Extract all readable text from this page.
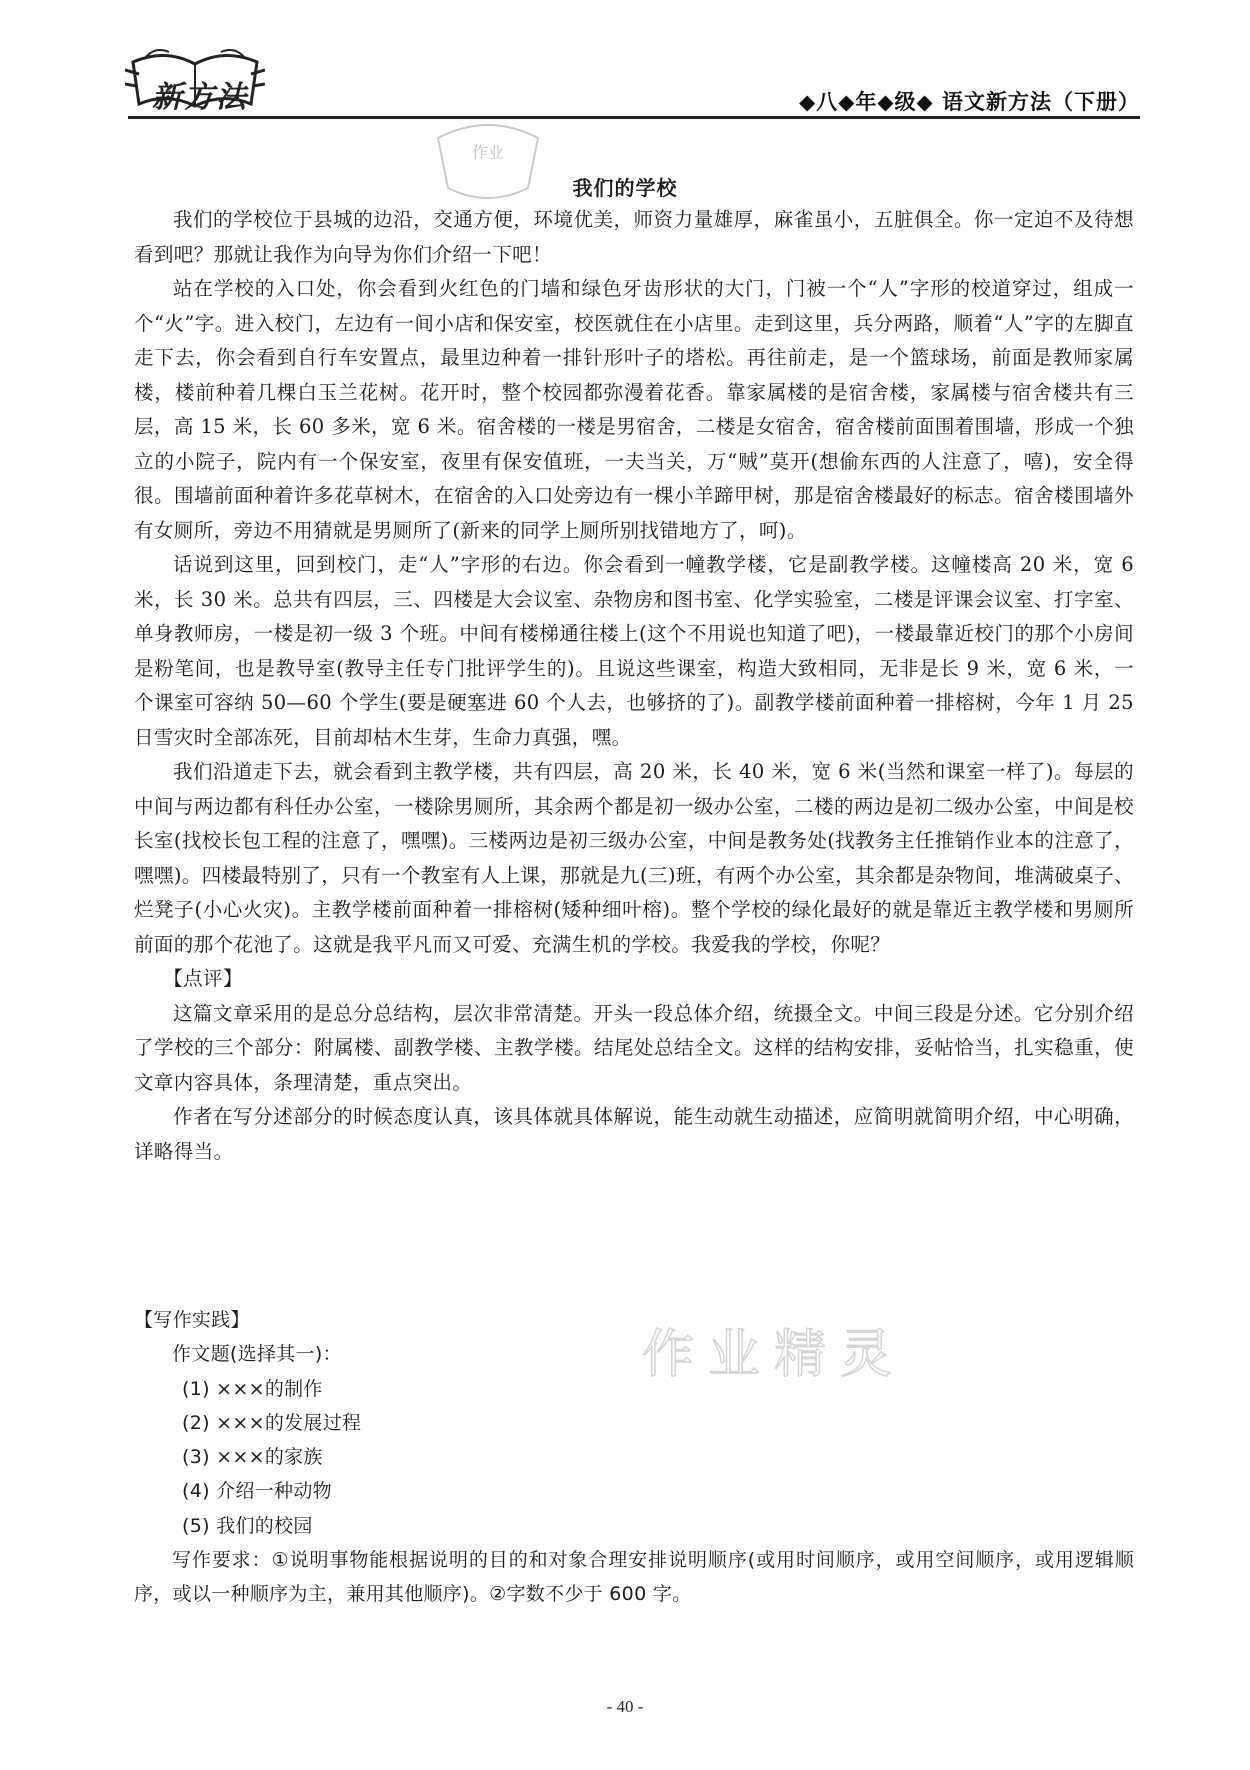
新方法	◆八◆年◆级◆ 语文新方法（下册）
作业
我们的学校

我们的学校位于县城的边沿，交通方便，环境优美，师资力量雄厚，麻雀虽小，五脏俱全。你一定迫不及待想看到吧？那就让我作为向导为你们介绍一下吧！

站在学校的入口处，你会看到火红色的门墙和绿色牙齿形状的大门，门被一个“人”字形的校道穿过，组成一个“火”字。进入校门，左边有一间小店和保安室，校医就住在小店里。走到这里，兵分两路，顺着“人”字的左脚直走下去，你会看到自行车安置点，最里边种着一排针形叶子的塔松。再往前走，是一个篮球场，前面是教师家属楼，楼前种着几棵白玉兰花树。花开时，整个校园都弥漫着花香。靠家属楼的是宿舍楼，家属楼与宿舍楼共有三层，高 15 米，长 60 多米，宽 6 米。宿舍楼的一楼是男宿舍，二楼是女宿舍，宿舍楼前面围着围墙，形成一个独立的小院子，院内有一个保安室，夜里有保安值班，一夫当关，万“贼”莫开(想偷东西的人注意了，嘻)，安全得很。围墙前面种着许多花草树木，在宿舍的入口处旁边有一棵小羊蹄甲树，那是宿舍楼最好的标志。宿舍楼围墙外有女厕所，旁边不用猜就是男厕所了(新来的同学上厕所别找错地方了，呵)。

话说到这里，回到校门，走“人”字形的右边。你会看到一幢教学楼，它是副教学楼。这幢楼高 20 米，宽 6 米，长 30 米。总共有四层，三、四楼是大会议室、杂物房和图书室、化学实验室，二楼是评课会议室、打字室、单身教师房，一楼是初一级 3 个班。中间有楼梯通往楼上(这个不用说也知道了吧)，一楼最靠近校门的那个小房间是粉笔间，也是教导室(教导主任专门批评学生的)。且说这些课室，构造大致相同，无非是长 9 米，宽 6 米，一个课室可容纳 50—60 个学生(要是硬塞进 60 个人去，也够挤的了)。副教学楼前面种着一排榕树，今年 1 月 25 日雪灾时全部冻死，目前却枯木生芽，生命力真强，嘿。

我们沿道走下去，就会看到主教学楼，共有四层，高 20 米，长 40 米，宽 6 米(当然和课室一样了)。每层的中间与两边都有科任办公室，一楼除男厕所，其余两个都是初一级办公室，二楼的两边是初二级办公室，中间是校长室(找校长包工程的注意了，嘿嘿)。三楼两边是初三级办公室，中间是教务处(找教务主任推销作业本的注意了，嘿嘿)。四楼最特别了，只有一个教室有人上课，那就是九(三)班，有两个办公室，其余都是杂物间，堆满破桌子、烂凳子(小心火灾)。主教学楼前面种着一排榕树(矮种细叶榕)。整个学校的绿化最好的就是靠近主教学楼和男厕所前面的那个花池了。这就是我平凡而又可爱、充满生机的学校。我爱我的学校，你呢？

【点评】

这篇文章采用的是总分总结构，层次非常清楚。开头一段总体介绍，统摄全文。中间三段是分述。它分别介绍了学校的三个部分：附属楼、副教学楼、主教学楼。结尾处总结全文。这样的结构安排，妥帖恰当，扎实稳重，使文章内容具体，条理清楚，重点突出。

作者在写分述部分的时候态度认真，该具体就具体解说，能生动就生动描述，应简明就简明介绍，中心明确，详略得当。

【写作实践】

作文题(选择其一)：

(1) ×××的制作
(2) ×××的发展过程
(3) ×××的家族
(4) 介绍一种动物
(5) 我们的校园

写作要求：①说明事物能根据说明的目的和对象合理安排说明顺序(或用时间顺序，或用空间顺序，或用逻辑顺序，或以一种顺序为主，兼用其他顺序)。②字数不少于 600 字。

作业精灵
- 40 -
